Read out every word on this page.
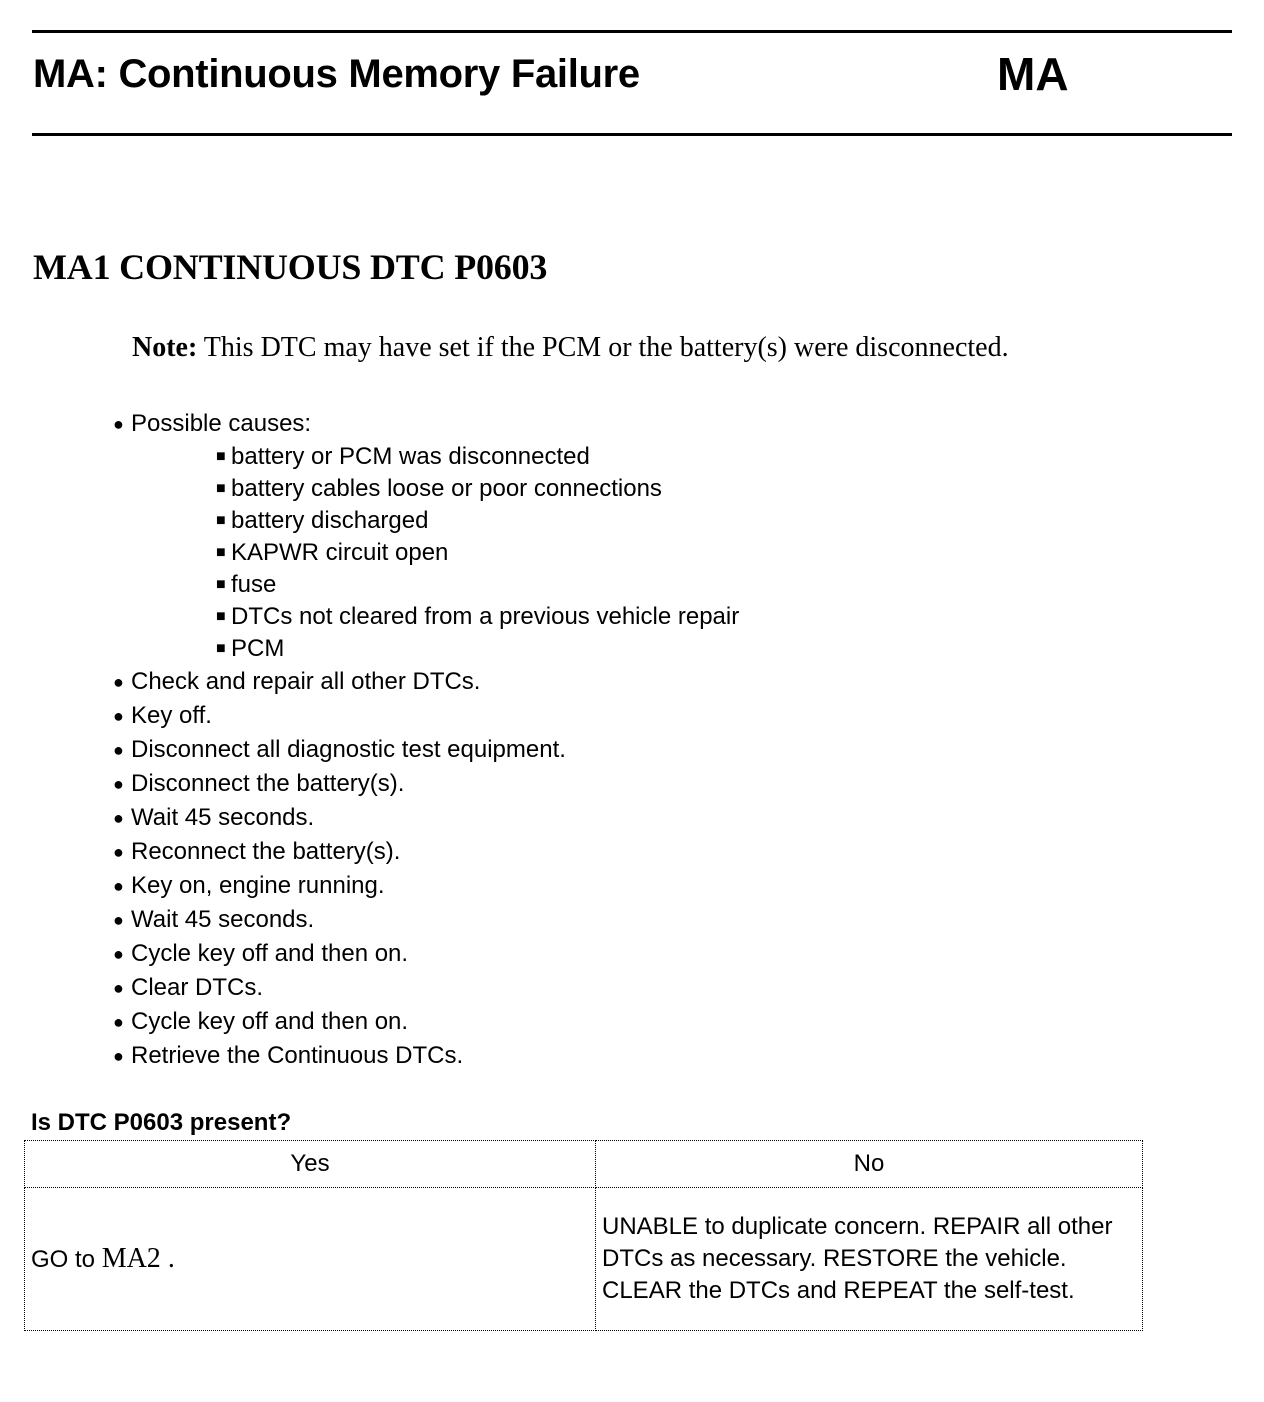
MA: Continuous Memory Failure	MA
MA1 CONTINUOUS DTC P0603
Note: This DTC may have set if the PCM or the battery(s) were disconnected.
● Possible causes:
■ battery or PCM was disconnected
■ battery cables loose or poor connections
■ battery discharged
■ KAPWR circuit open
■ fuse
■ DTCs not cleared from a previous vehicle repair
■ PCM
● Check and repair all other DTCs.
● Key off.
● Disconnect all diagnostic test equipment.
● Disconnect the battery(s).
● Wait 45 seconds.
● Reconnect the battery(s).
● Key on, engine running.
● Wait 45 seconds.
● Cycle key off and then on.
● Clear DTCs.
● Cycle key off and then on.
● Retrieve the Continuous DTCs.
Is DTC P0603 present?
Yes	No
GO to MA2 .	UNABLE to duplicate concern. REPAIR all other DTCs as necessary. RESTORE the vehicle. CLEAR the DTCs and REPEAT the self-test.
